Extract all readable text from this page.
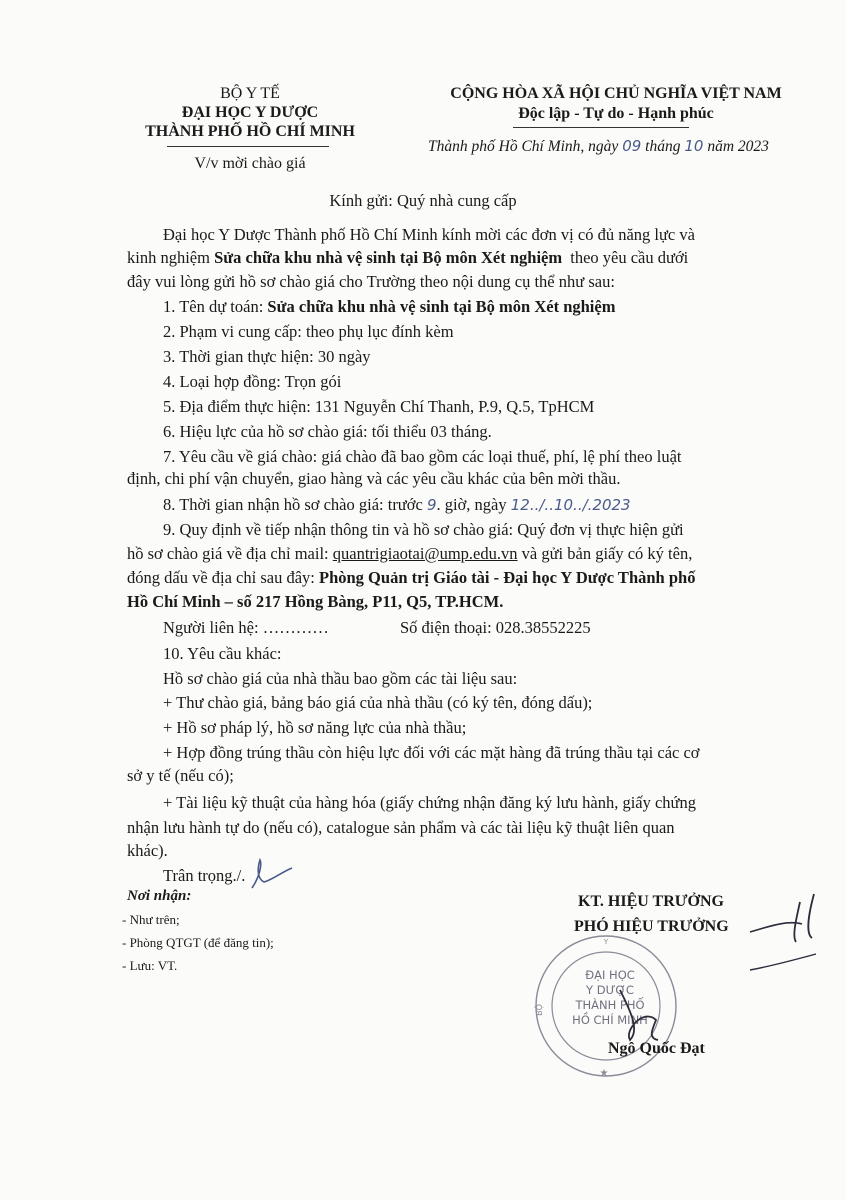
BỘ Y TẾ
ĐẠI HỌC Y DƯỢC
THÀNH PHỐ HỒ CHÍ MINH
V/v mời chào giá
CỘNG HÒA XÃ HỘI CHỦ NGHĨA VIỆT NAM
Độc lập - Tự do - Hạnh phúc
Thành phố Hồ Chí Minh, ngày 09 tháng 10 năm 2023
Kính gửi: Quý nhà cung cấp
Đại học Y Dược Thành phố Hồ Chí Minh kính mời các đơn vị có đủ năng lực và
kinh nghiệm Sửa chữa khu nhà vệ sinh tại Bộ môn Xét nghiệm theo yêu cầu dưới
đây vui lòng gửi hồ sơ chào giá cho Trường theo nội dung cụ thể như sau:
1. Tên dự toán: Sửa chữa khu nhà vệ sinh tại Bộ môn Xét nghiệm
2. Phạm vi cung cấp: theo phụ lục đính kèm
3. Thời gian thực hiện: 30 ngày
4. Loại hợp đồng: Trọn gói
5. Địa điểm thực hiện: 131 Nguyễn Chí Thanh, P.9, Q.5, TpHCM
6. Hiệu lực của hồ sơ chào giá: tối thiểu 03 tháng.
7. Yêu cầu về giá chào: giá chào đã bao gồm các loại thuế, phí, lệ phí theo luật
định, chi phí vận chuyển, giao hàng và các yêu cầu khác của bên mời thầu.
8. Thời gian nhận hồ sơ chào giá: trước 9. giờ, ngày 12../..10../.2023
9. Quy định về tiếp nhận thông tin và hồ sơ chào giá: Quý đơn vị thực hiện gửi
hồ sơ chào giá về địa chỉ mail: quantrigiaotai@ump.edu.vn và gửi bản giấy có ký tên,
đóng dấu về địa chỉ sau đây: Phòng Quản trị Giáo tài - Đại học Y Dược Thành phố
Hồ Chí Minh – số 217 Hồng Bàng, P11, Q5, TP.HCM.
Người liên hệ: …………	Số điện thoại: 028.38552225
10. Yêu cầu khác:
Hồ sơ chào giá của nhà thầu bao gồm các tài liệu sau:
+ Thư chào giá, bảng báo giá của nhà thầu (có ký tên, đóng dấu);
+ Hồ sơ pháp lý, hồ sơ năng lực của nhà thầu;
+ Hợp đồng trúng thầu còn hiệu lực đối với các mặt hàng đã trúng thầu tại các cơ
sở y tế (nếu có);
+ Tài liệu kỹ thuật của hàng hóa (giấy chứng nhận đăng ký lưu hành, giấy chứng
nhận lưu hành tự do (nếu có), catalogue sản phẩm và các tài liệu kỹ thuật liên quan
khác).
Trân trọng./.
Nơi nhận:
- Như trên;
- Phòng QTGT (để đăng tin);
- Lưu: VT.
KT. HIỆU TRƯỞNG
PHÓ HIỆU TRƯỞNG
Y
BỘ
★
ĐẠI HỌC
Y DƯỢC
THÀNH PHỐ
HỒ CHÍ MINH
Ngô Quốc Đạt
